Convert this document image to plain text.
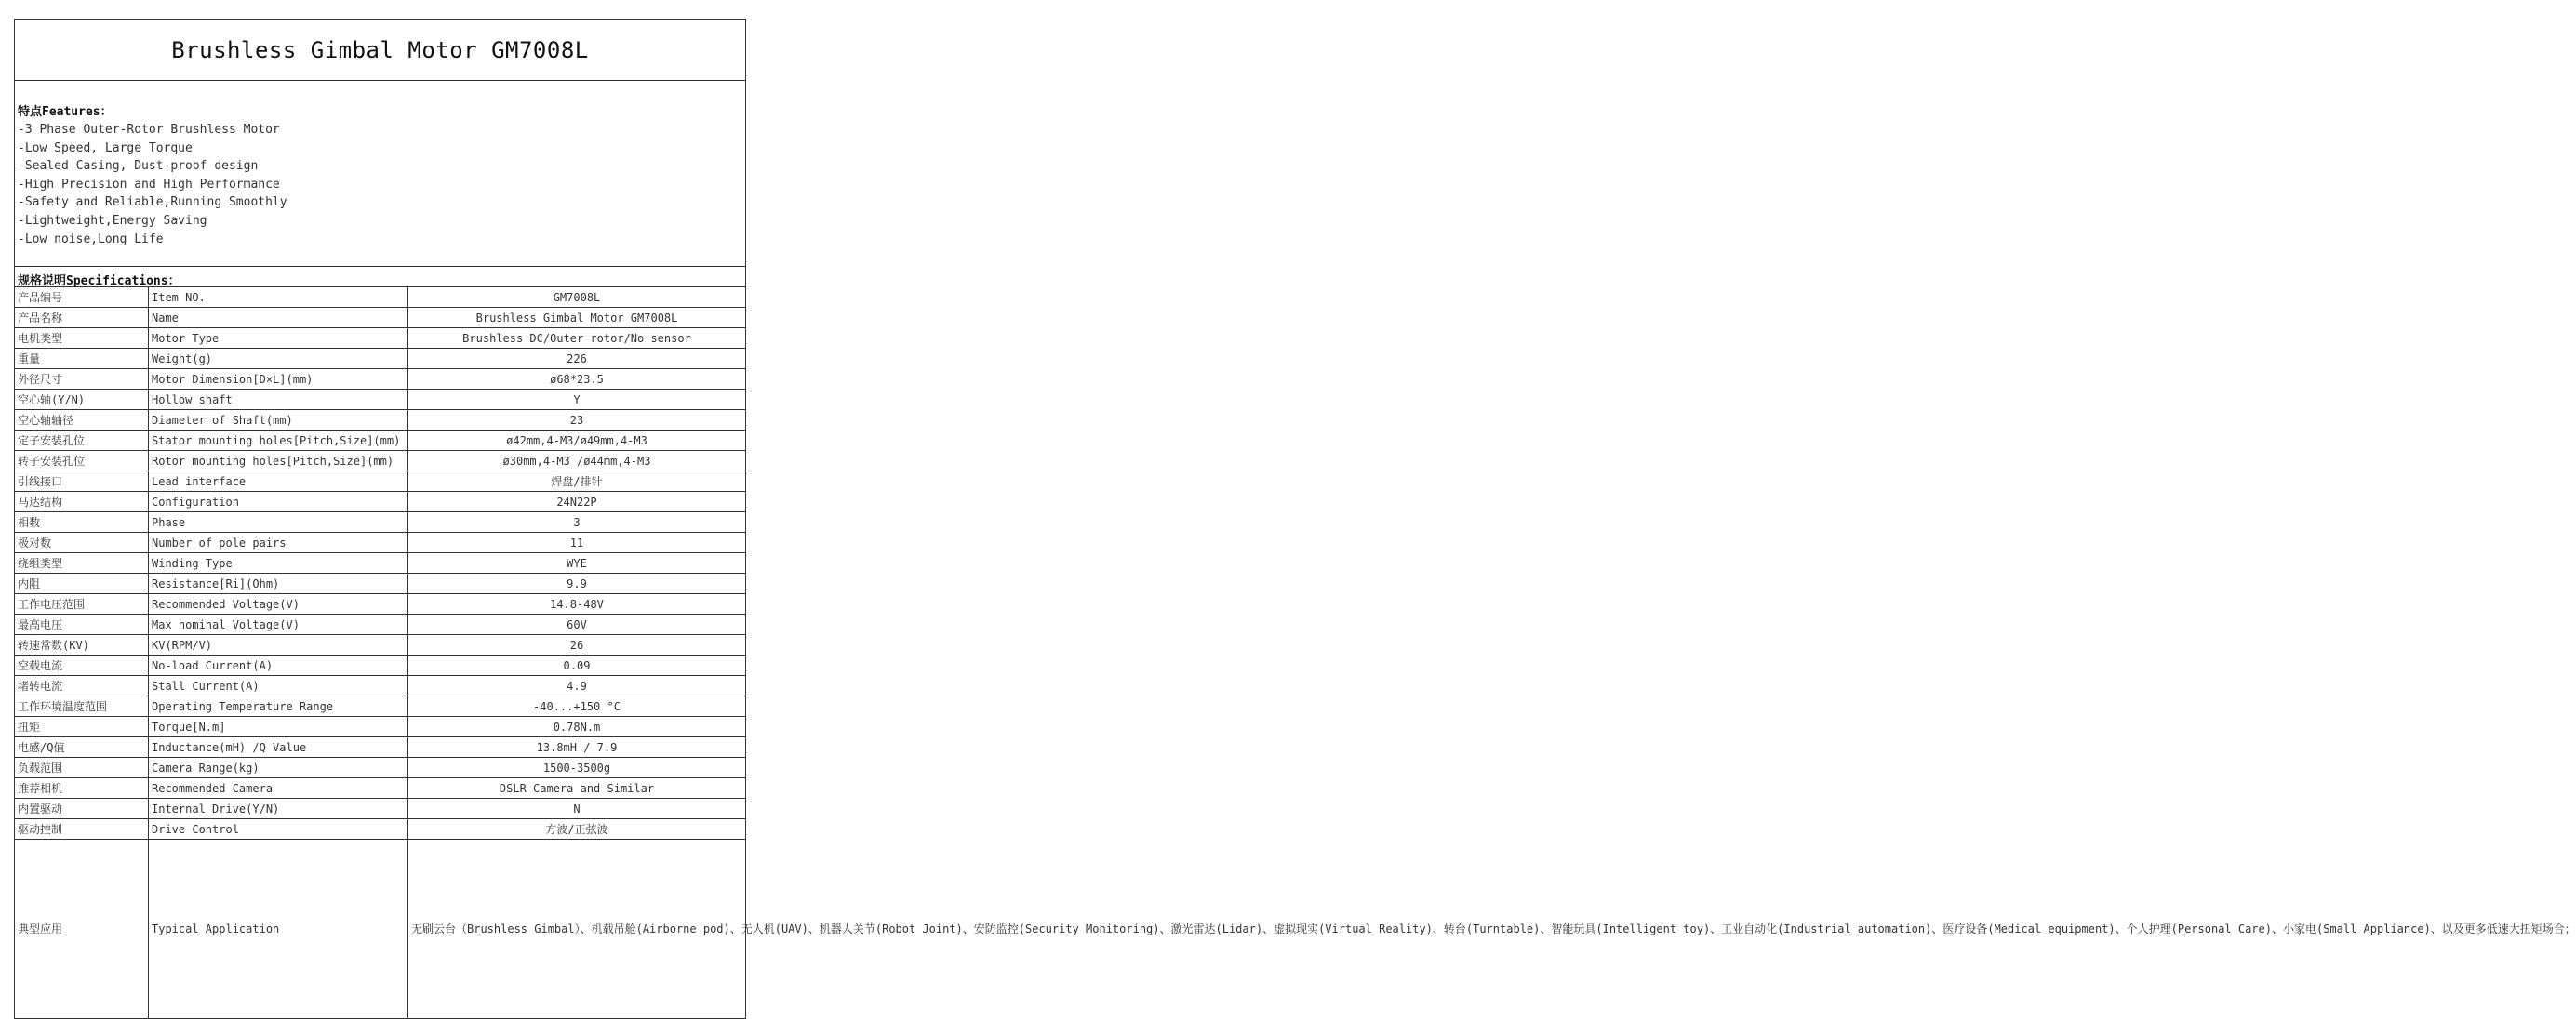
Brushless Gimbal Motor GM7008L
特点Features：
-3 Phase Outer-Rotor Brushless Motor
-Low Speed, Large Torque
-Sealed Casing, Dust-proof design
-High Precision and High Performance
-Safety and Reliable,Running Smoothly
-Lightweight,Energy Saving
-Low noise,Long Life
规格说明Specifications：
产品编号	Item NO.	GM7008L
产品名称	Name	Brushless Gimbal Motor GM7008L
电机类型	Motor Type	Brushless DC/Outer rotor/No sensor
重量	Weight(g)	226
外径尺寸	Motor Dimension[D×L](mm)	ø68*23.5
空心轴(Y/N)	Hollow shaft	Y
空心轴轴径	Diameter of Shaft(mm)	23
定子安装孔位	Stator mounting holes[Pitch,Size](mm)	ø42mm,4-M3/ø49mm,4-M3
转子安装孔位	Rotor mounting holes[Pitch,Size](mm)	ø30mm,4-M3 /ø44mm,4-M3
引线接口	Lead interface	焊盘/排针
马达结构	Configuration	24N22P
相数	Phase	3
极对数	Number of pole pairs	11
绕组类型	Winding Type	WYE
内阻	Resistance[Ri](Ohm)	9.9
工作电压范围	Recommended Voltage(V)	14.8-48V
最高电压	Max nominal Voltage(V)	60V
转速常数(KV)	KV(RPM/V)	26
空载电流	No-load Current(A)	0.09
堵转电流	Stall Current(A)	4.9
工作环境温度范围	Operating Temperature Range	-40...+150 °C
扭矩	Torque[N.m]	0.78N.m
电感/Q值	Inductance(mH) /Q Value	13.8mH / 7.9
负载范围	Camera Range(kg)	1500-3500g
推荐相机	Recommended Camera	DSLR Camera and Similar
内置驱动	Internal Drive(Y/N)	N
驱动控制	Drive Control	方波/正弦波
典型应用	Typical Application	无刷云台（Brushless Gimbal）、机载吊舱(Airborne pod)、无人机(UAV)、机器人关节(Robot Joint)、安防监控(Security Monitoring)、激光雷达(Lidar)、虚拟现实(Virtual Reality)、转台(Turntable)、智能玩具(Intelligent toy)、工业自动化(Industrial automation)、医疗设备(Medical equipment)、个人护理(Personal Care)、小家电(Small Appliance)、以及更多低速大扭矩场合；
